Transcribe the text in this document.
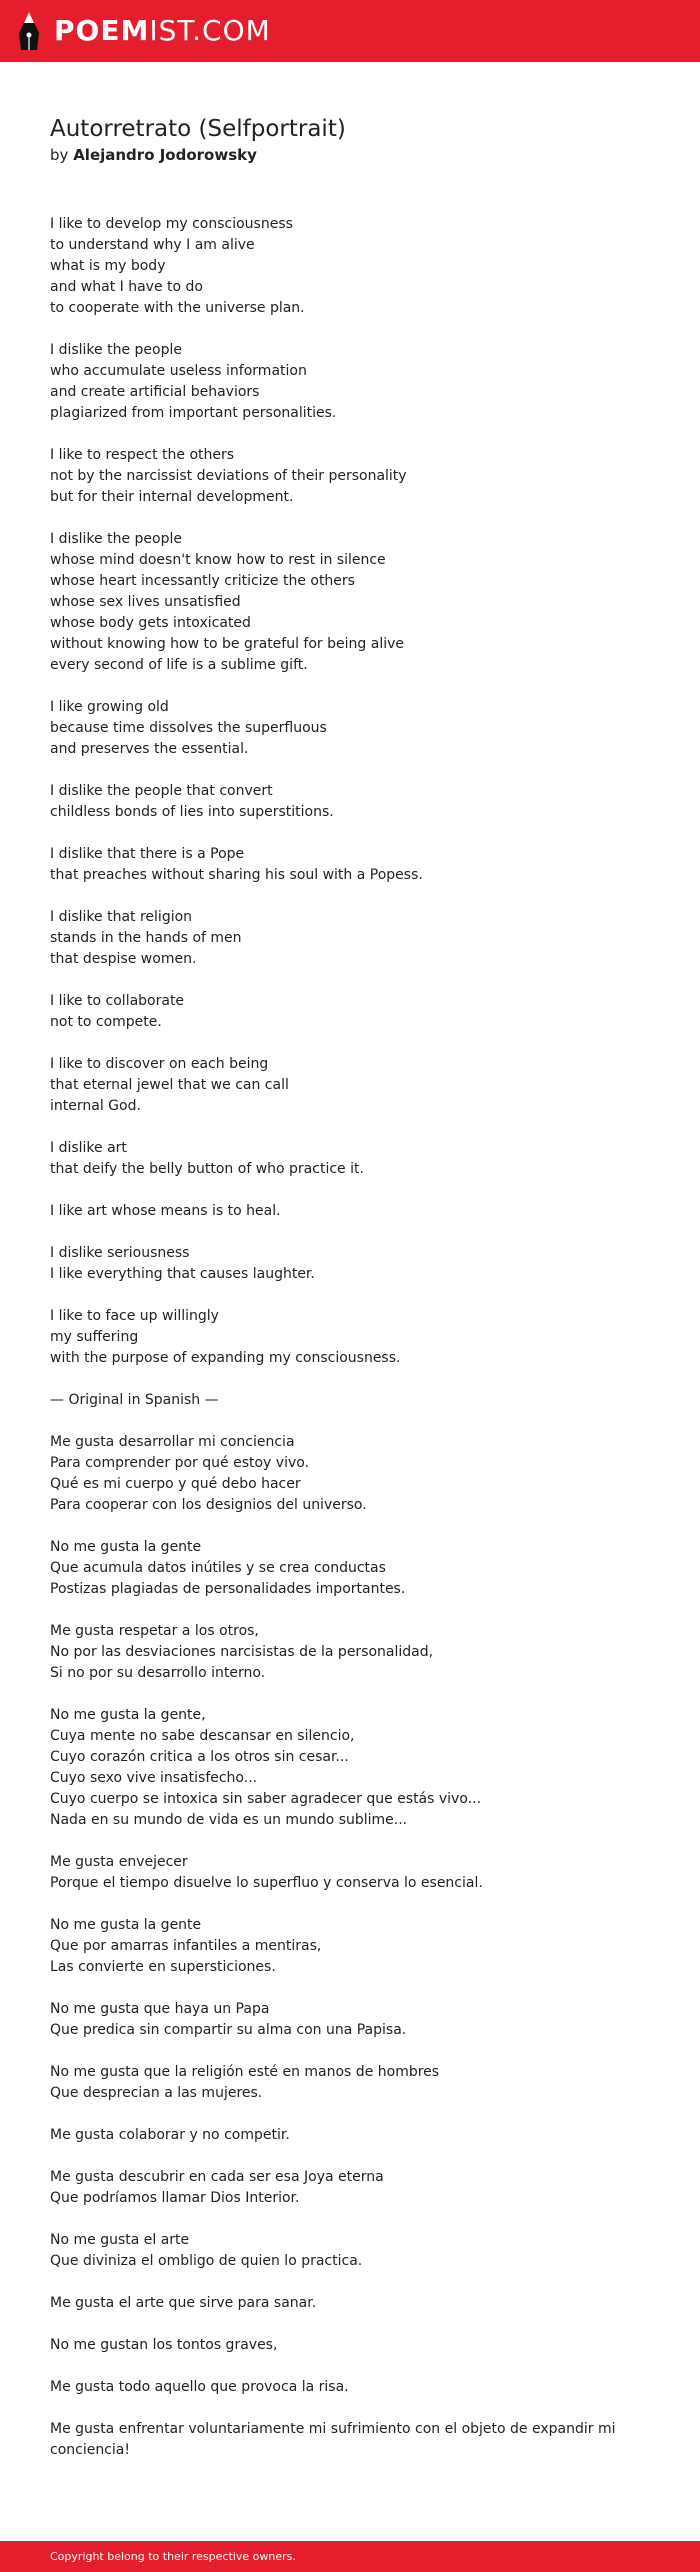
POEMIST.COM
Autorretrato (Selfportrait)

by Alejandro Jodorowsky

I like to develop my consciousness
to understand why I am alive
what is my body
and what I have to do
to cooperate with the universe plan.

I dislike the people
who accumulate useless information
and create artificial behaviors
plagiarized from important personalities.

I like to respect the others
not by the narcissist deviations of their personality
but for their internal development.

I dislike the people
whose mind doesn't know how to rest in silence
whose heart incessantly criticize the others
whose sex lives unsatisfied
whose body gets intoxicated
without knowing how to be grateful for being alive
every second of life is a sublime gift.

I like growing old
because time dissolves the superfluous
and preserves the essential.

I dislike the people that convert
childless bonds of lies into superstitions.

I dislike that there is a Pope
that preaches without sharing his soul with a Popess.

I dislike that religion
stands in the hands of men
that despise women.

I like to collaborate
not to compete.

I like to discover on each being
that eternal jewel that we can call
internal God.

I dislike art
that deify the belly button of who practice it.

I like art whose means is to heal.

I dislike seriousness
I like everything that causes laughter.

I like to face up willingly
my suffering
with the purpose of expanding my consciousness.

— Original in Spanish —

Me gusta desarrollar mi conciencia
Para comprender por qué estoy vivo.
Qué es mi cuerpo y qué debo hacer
Para cooperar con los designios del universo.

No me gusta la gente
Que acumula datos inútiles y se crea conductas
Postizas plagiadas de personalidades importantes.

Me gusta respetar a los otros,
No por las desviaciones narcisistas de la personalidad,
Si no por su desarrollo interno.

No me gusta la gente,
Cuya mente no sabe descansar en silencio,
Cuyo corazón critica a los otros sin cesar...
Cuyo sexo vive insatisfecho...
Cuyo cuerpo se intoxica sin saber agradecer que estás vivo...
Nada en su mundo de vida es un mundo sublime...

Me gusta envejecer
Porque el tiempo disuelve lo superfluo y conserva lo esencial.

No me gusta la gente
Que por amarras infantiles a mentiras,
Las convierte en supersticiones.

No me gusta que haya un Papa
Que predica sin compartir su alma con una Papisa.

No me gusta que la religión esté en manos de hombres
Que desprecian a las mujeres.

Me gusta colaborar y no competir.

Me gusta descubrir en cada ser esa Joya eterna
Que podríamos llamar Dios Interior.

No me gusta el arte
Que diviniza el ombligo de quien lo practica.

Me gusta el arte que sirve para sanar.

No me gustan los tontos graves,

Me gusta todo aquello que provoca la risa.

Me gusta enfrentar voluntariamente mi sufrimiento con el objeto de expandir mi conciencia!

Copyright belong to their respective owners.
